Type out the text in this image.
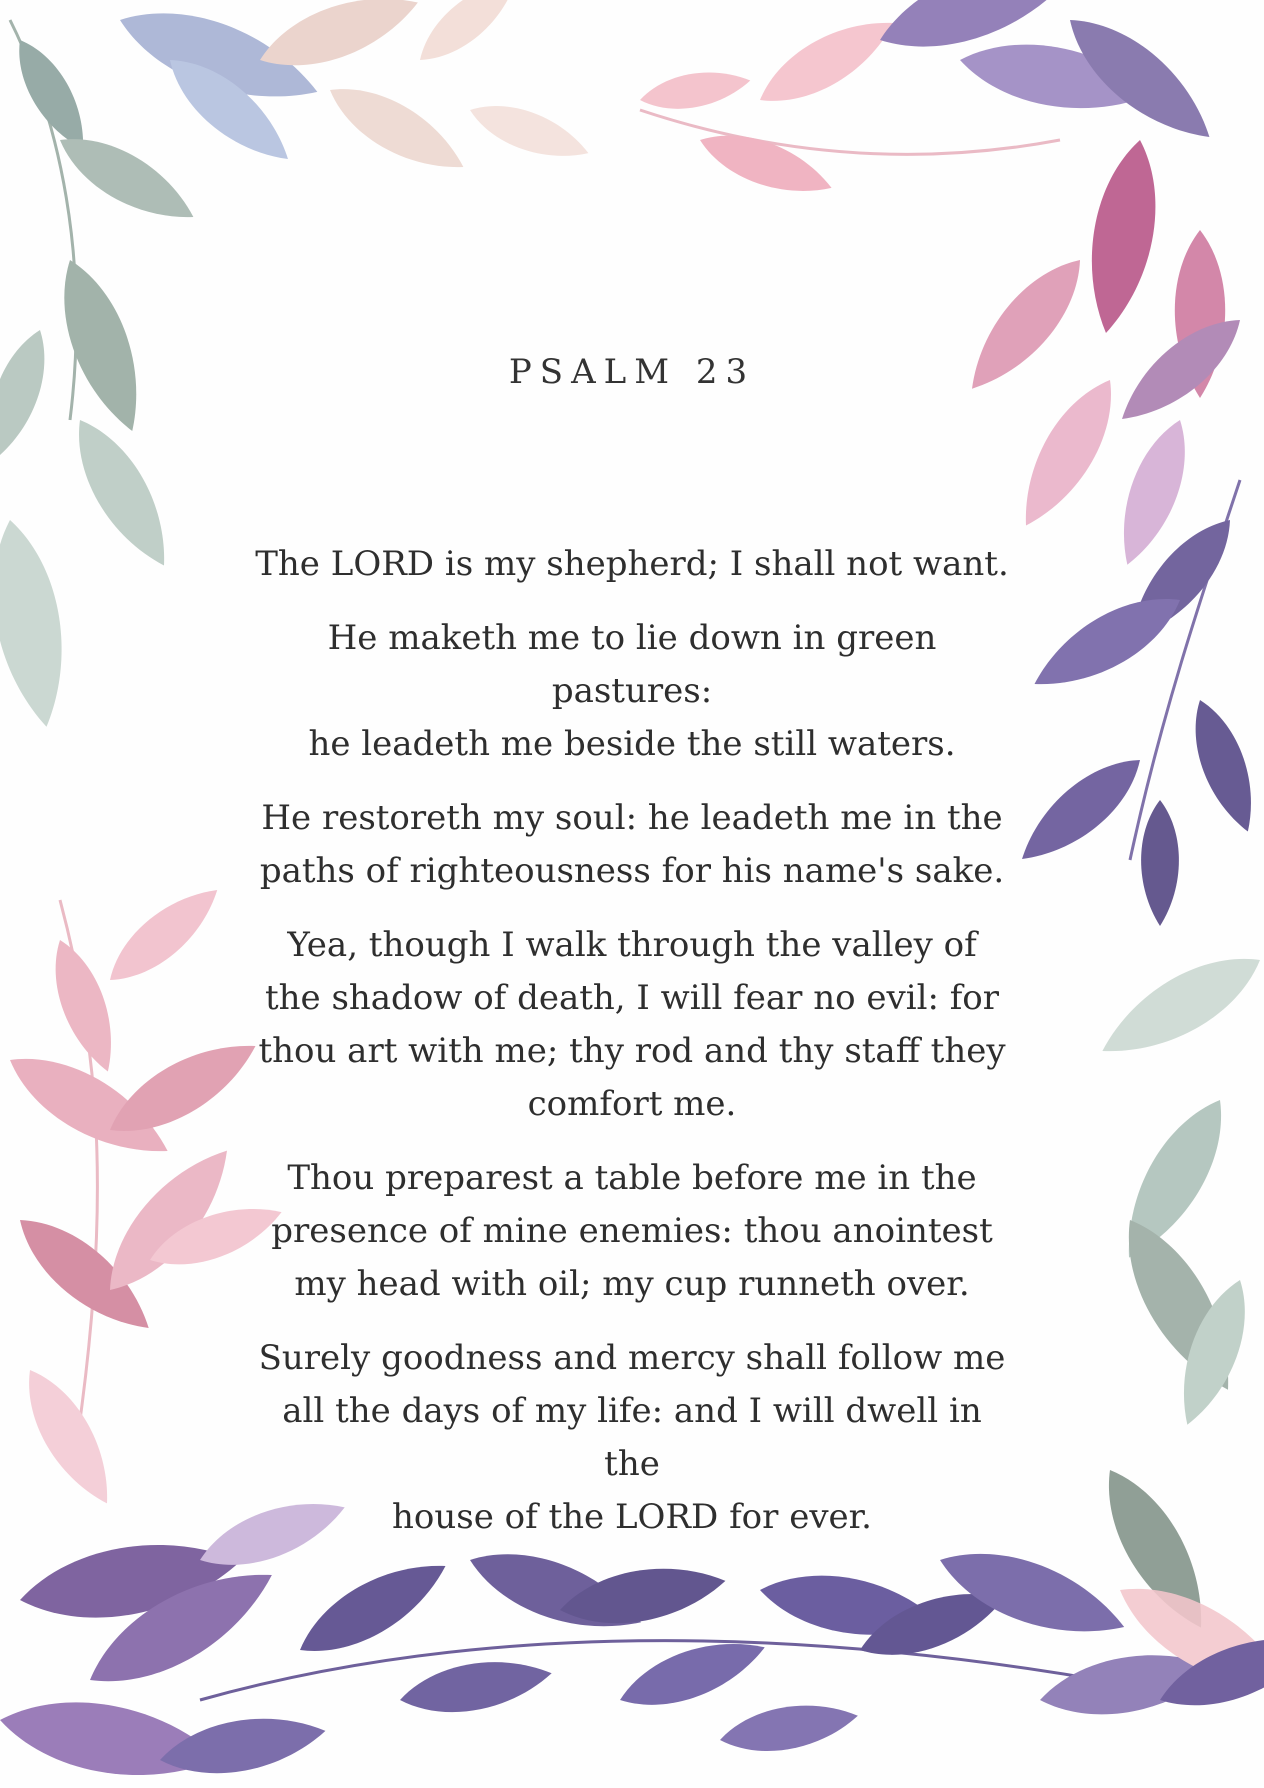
PSALM 23

The LORD is my shepherd; I shall not want.

He maketh me to lie down in green pastures:
he leadeth me beside the still waters.

He restoreth my soul: he leadeth me in the
paths of righteousness for his name's sake.

Yea, though I walk through the valley of
the shadow of death, I will fear no evil: for
thou art with me; thy rod and thy staff they
comfort me.

Thou preparest a table before me in the
presence of mine enemies: thou anointest
my head with oil; my cup runneth over.

Surely goodness and mercy shall follow me
all the days of my life: and I will dwell in the
house of the LORD for ever.
